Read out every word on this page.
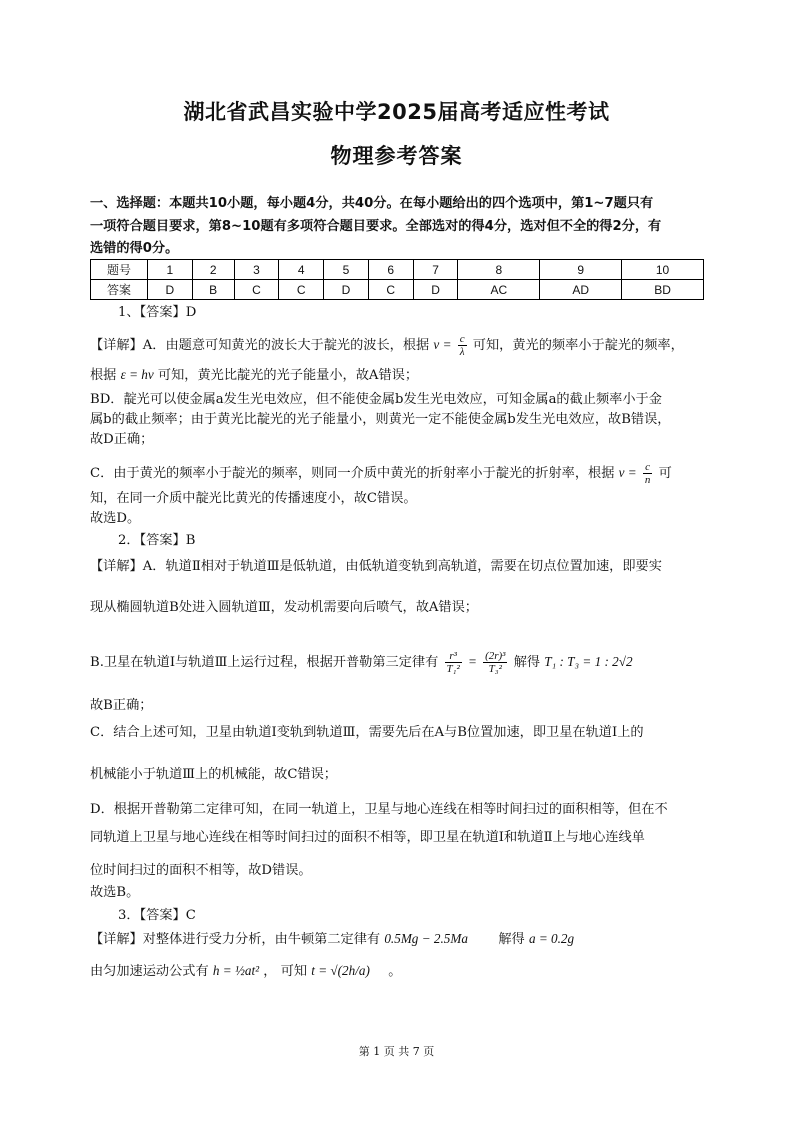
湖北省武昌实验中学2025届高考适应性考试
物理参考答案
一、选择题：本题共10小题，每小题4分，共40分。在每小题给出的四个选项中，第1~7题只有
一项符合题目要求，第8~10题有多项符合题目要求。全部选对的得4分，选对但不全的得2分，有
选错的得0分。
题号	1	2	3	4	5	6	7	8	9	10
答案	D	B	C	C	D	C	D	AC	AD	BD
1、【答案】D
【详解】A．由题意可知黄光的波长大于靛光的波长，根据 $\nu = \frac{c}{\lambda}$ 可知，黄光的频率小于靛光的频率，
根据 ε = hν 可知，黄光比靛光的光子能量小，故A错误；
BD．靛光可以使金属a发生光电效应，但不能使金属b发生光电效应，可知金属a的截止频率小于金
属b的截止频率；由于黄光比靛光的光子能量小，则黄光一定不能使金属b发生光电效应，故B错误，
故D正确；
C．由于黄光的频率小于靛光的频率，则同一介质中黄光的折射率小于靛光的折射率，根据 $v = \frac{c}{n}$ 可
知，在同一介质中靛光比黄光的传播速度小，故C错误。
故选D。
2．【答案】B
【详解】A．轨道Ⅱ相对于轨道Ⅲ是低轨道，由低轨道变轨到高轨道，需要在切点位置加速，即要实
现从椭圆轨道B处进入圆轨道Ⅲ，发动机需要向后喷气，故A错误；
B.卫星在轨道Ⅰ与轨道Ⅲ上运行过程，根据开普勒第三定律有 $\frac{\text{r³}}{\text{T₁²}} = \frac{\text{(2r)³}}{\text{T₃²}}$ 解得 T₁ : T₃ = 1 : 2√2
故B正确；
C．结合上述可知，卫星由轨道Ⅰ变轨到轨道Ⅲ，需要先后在A与B位置加速，即卫星在轨道Ⅰ上的
机械能小于轨道Ⅲ上的机械能，故C错误；
D．根据开普勒第二定律可知，在同一轨道上，卫星与地心连线在相等时间扫过的面积相等，但在不
同轨道上卫星与地心连线在相等时间扫过的面积不相等，即卫星在轨道Ⅰ和轨道Ⅱ上与地心连线单
位时间扫过的面积不相等，故D错误。
故选B。
3．【答案】C
【详解】对整体进行受力分析，由牛顿第二定律有 0.5Mg − 2.5Ma 解得 a = 0.2g
由匀加速运动公式有 h = ½at² ， 可知 t = √(2h/a) 。
第 1 页 共 7 页
